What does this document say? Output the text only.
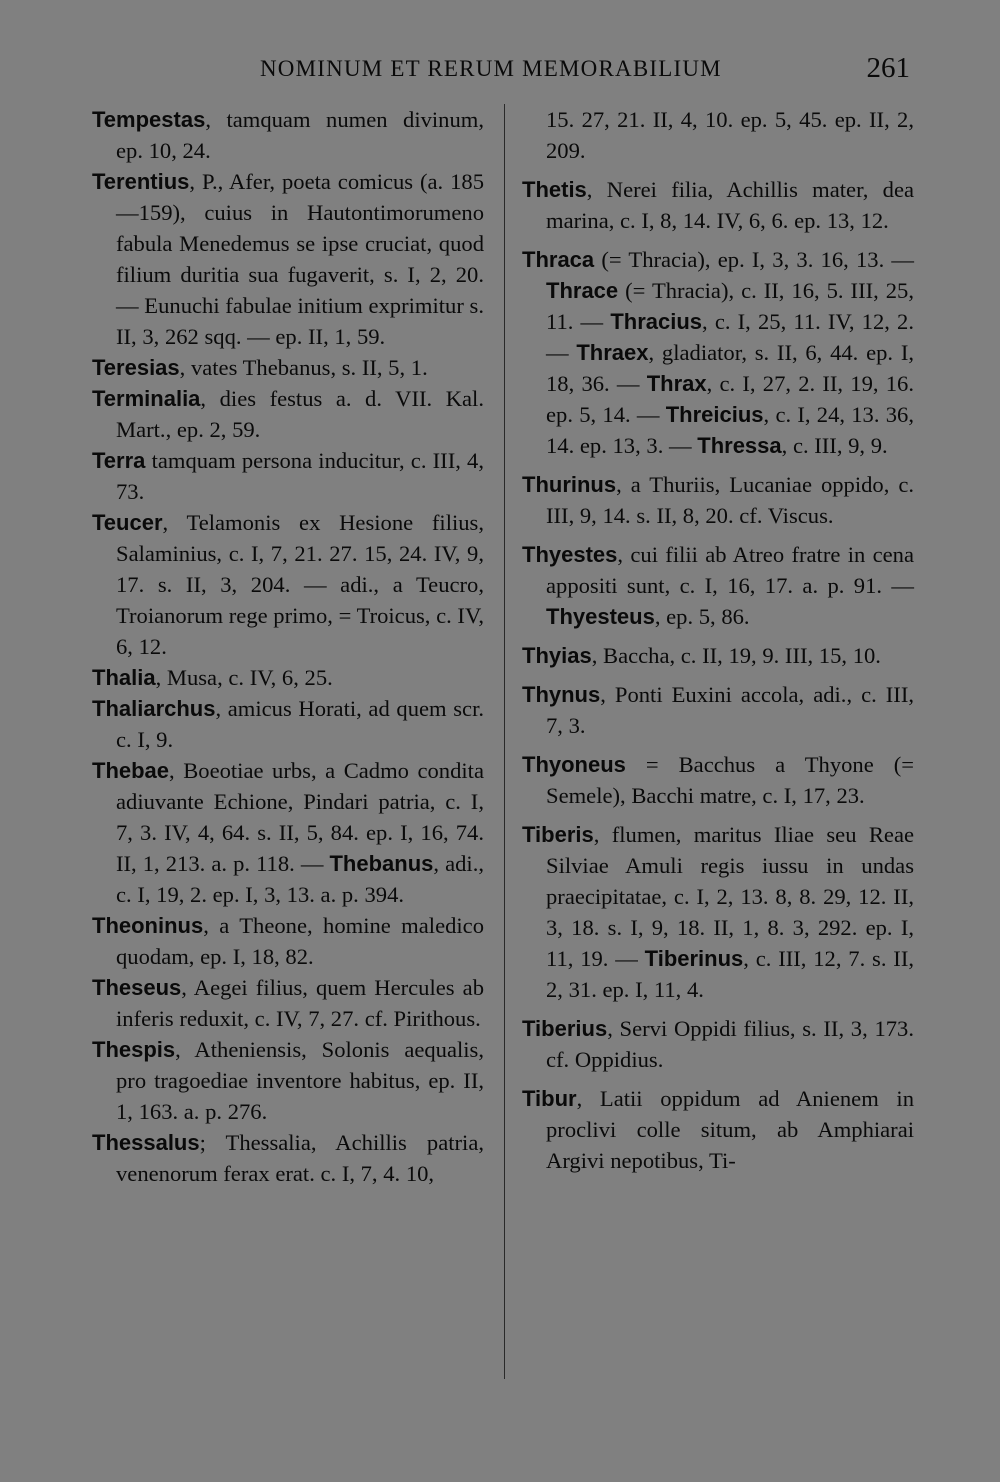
NOMINUM ET RERUM MEMORABILIUM	261
Tempestas, tamquam numen divinum, ep. 10, 24.
Terentius, P., Afer, poeta comicus (a. 185—159), cuius in Hautontimorumeno fabula Menedemus se ipse cruciat, quod filium duritia sua fugaverit, s. I, 2, 20. — Eunuchi fabulae initium exprimitur s. II, 3, 262 sqq. — ep. II, 1, 59.
Teresias, vates Thebanus, s. II, 5, 1.
Terminalia, dies festus a. d. VII. Kal. Mart., ep. 2, 59.
Terra tamquam persona inducitur, c. III, 4, 73.
Teucer, Telamonis ex Hesione filius, Salaminius, c. I, 7, 21. 27. 15, 24. IV, 9, 17. s. II, 3, 204. — adi., a Teucro, Troianorum rege primo, = Troicus, c. IV, 6, 12.
Thalia, Musa, c. IV, 6, 25.
Thaliarchus, amicus Horati, ad quem scr. c. I, 9.
Thebae, Boeotiae urbs, a Cadmo condita adiuvante Echione, Pindari patria, c. I, 7, 3. IV, 4, 64. s. II, 5, 84. ep. I, 16, 74. II, 1, 213. a. p. 118. — Thebanus, adi., c. I, 19, 2. ep. I, 3, 13. a. p. 394.
Theoninus, a Theone, homine maledico quodam, ep. I, 18, 82.
Theseus, Aegei filius, quem Hercules ab inferis reduxit, c. IV, 7, 27. cf. Pirithous.
Thespis, Atheniensis, Solonis aequalis, pro tragoediae inventore habitus, ep. II, 1, 163. a. p. 276.
Thessalus; Thessalia, Achillis patria, venenorum ferax erat. c. I, 7, 4. 10,
15. 27, 21. II, 4, 10. ep. 5, 45. ep. II, 2, 209.
Thetis, Nerei filia, Achillis mater, dea marina, c. I, 8, 14. IV, 6, 6. ep. 13, 12.
Thraca (= Thracia), ep. I, 3, 3. 16, 13. — Thrace (= Thracia), c. II, 16, 5. III, 25, 11. — Thracius, c. I, 25, 11. IV, 12, 2. — Thraex, gladiator, s. II, 6, 44. ep. I, 18, 36. — Thrax, c. I, 27, 2. II, 19, 16. ep. 5, 14. — Threicius, c. I, 24, 13. 36, 14. ep. 13, 3. — Thressa, c. III, 9, 9.
Thurinus, a Thuriis, Lucaniae oppido, c. III, 9, 14. s. II, 8, 20. cf. Viscus.
Thyestes, cui filii ab Atreo fratre in cena appositi sunt, c. I, 16, 17. a. p. 91. — Thyesteus, ep. 5, 86.
Thyias, Baccha, c. II, 19, 9. III, 15, 10.
Thynus, Ponti Euxini accola, adi., c. III, 7, 3.
Thyoneus = Bacchus a Thyone (= Semele), Bacchi matre, c. I, 17, 23.
Tiberis, flumen, maritus Iliae seu Reae Silviae Amuli regis iussu in undas praecipitatae, c. I, 2, 13. 8, 8. 29, 12. II, 3, 18. s. I, 9, 18. II, 1, 8. 3, 292. ep. I, 11, 19. — Tiberinus, c. III, 12, 7. s. II, 2, 31. ep. I, 11, 4.
Tiberius, Servi Oppidi filius, s. II, 3, 173. cf. Oppidius.
Tibur, Latii oppidum ad Anienem in proclivi colle situm, ab Amphiarai Argivi nepotibus, Ti-
